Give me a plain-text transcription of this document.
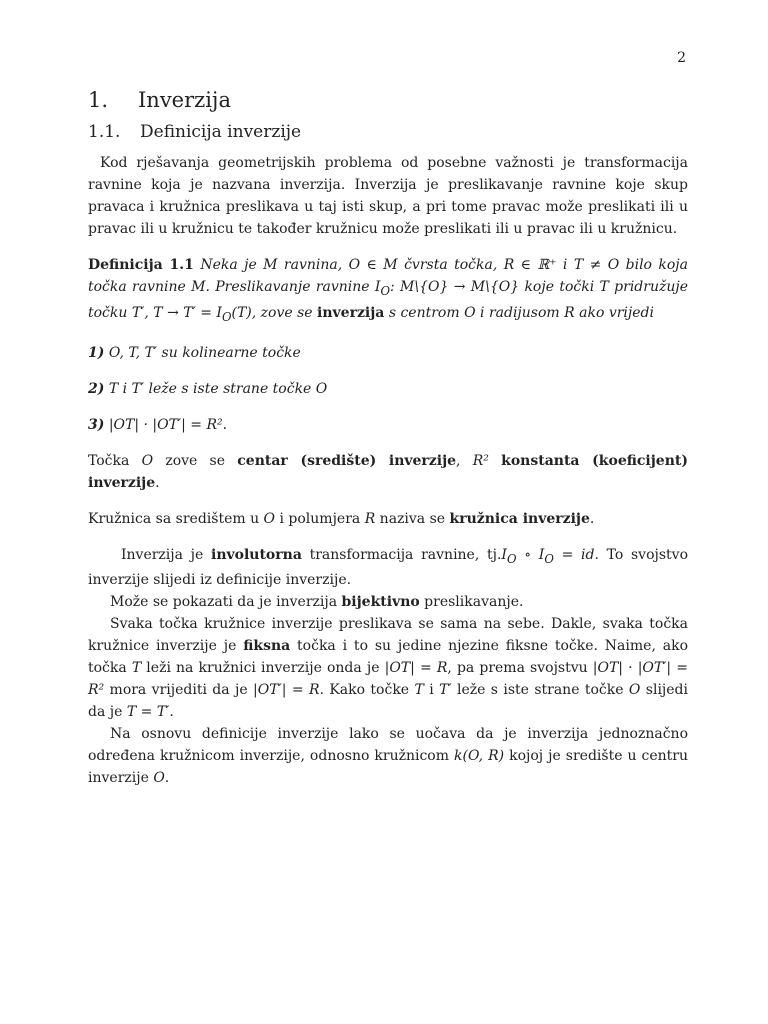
2
1. Inverzija
1.1. Definicija inverzije

Kod rješavanja geometrijskih problema od posebne važnosti je transformacija ravnine koja je nazvana inverzija. Inverzija je preslikavanje ravnine koje skup pravaca i kružnica preslikava u taj isti skup, a pri tome pravac može preslikati ili u pravac ili u kružnicu te također kružnicu može preslikati ili u pravac ili u kružnicu.

Definicija 1.1 Neka je M ravnina, O ∈ M čvrsta točka, R ∈ ℝ⁺ i T ≠ O bilo koja točka ravnine M. Preslikavanje ravnine $I_O$: M\{O} → M\{O} koje točki T pridružuje točku T′, $T \to T' = I_O(T)$, zove se inverzija s centrom O i radijusom R ako vrijedi

1) O, T, T′ su kolinearne točke

2) T i T′ leže s iste strane točke O

3) |OT| · |OT′| = R².

Točka O zove se centar (središte) inverzije, R² konstanta (koeficijent) inverzije.

Kružnica sa središtem u O i polumjera R naziva se kružnica inverzije.

Inverzija je involutorna transformacija ravnine, $tj.I_O$ ∘ $I_O$ = id. To svojstvo inverzije slijedi iz definicije inverzije.

Može se pokazati da je inverzija bijektivno preslikavanje.

Svaka točka kružnice inverzije preslikava se sama na sebe. Dakle, svaka točka kružnice inverzije je fiksna točka i to su jedine njezine fiksne točke. Naime, ako točka T leži na kružnici inverzije onda je |OT| = R, pa prema svojstvu |OT| · |OT′| = R² mora vrijediti da je |OT′| = R. Kako točke T i T′ leže s iste strane točke O slijedi da je T = T′.

Na osnovu definicije inverzije lako se uočava da je inverzija jednoznačno određena kružnicom inverzije, odnosno kružnicom k(O, R) kojoj je središte u centru inverzije O.
